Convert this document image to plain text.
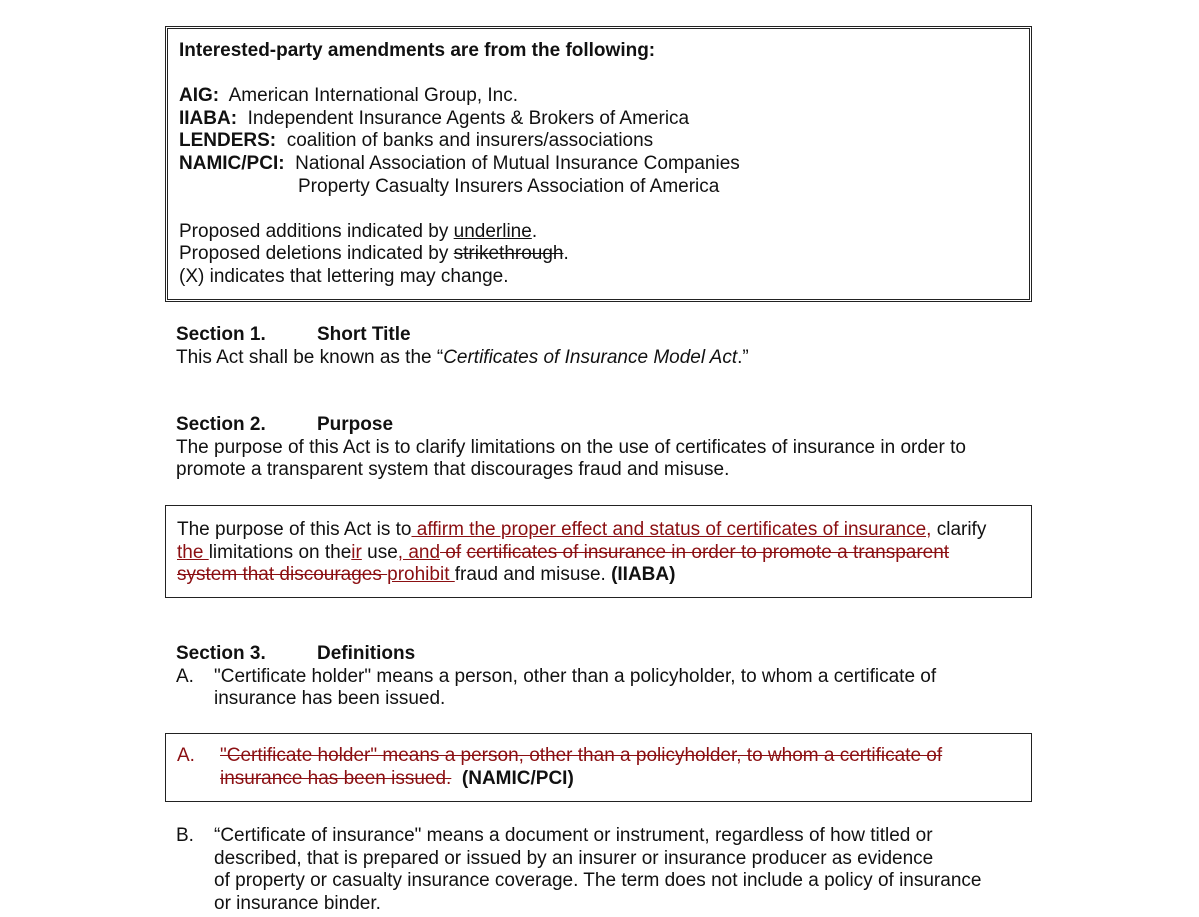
Interested-party amendments are from the following:

AIG: American International Group, Inc.
IIABA: Independent Insurance Agents & Brokers of America
LENDERS: coalition of banks and insurers/associations
NAMIC/PCI: National Association of Mutual Insurance Companies
Property Casualty Insurers Association of America

Proposed additions indicated by underline.
Proposed deletions indicated by strikethrough.
(X) indicates that lettering may change.
Section 1.	Short Title
This Act shall be known as the “Certificates of Insurance Model Act.”
Section 2.	Purpose
The purpose of this Act is to clarify limitations on the use of certificates of insurance in order to
promote a transparent system that discourages fraud and misuse.
The purpose of this Act is to affirm the proper effect and status of certificates of insurance, clarify
the limitations on their use, and of certificates of insurance in order to promote a transparent
system that discourages prohibit fraud and misuse. (IIABA)
Section 3.	Definitions
A. "Certificate holder" means a person, other than a policyholder, to whom a certificate of
insurance has been issued.
A. "Certificate holder" means a person, other than a policyholder, to whom a certificate of
insurance has been issued. (NAMIC/PCI)
B. “Certificate of insurance" means a document or instrument, regardless of how titled or
described, that is prepared or issued by an insurer or insurance producer as evidence
of property or casualty insurance coverage. The term does not include a policy of insurance
or insurance binder.
